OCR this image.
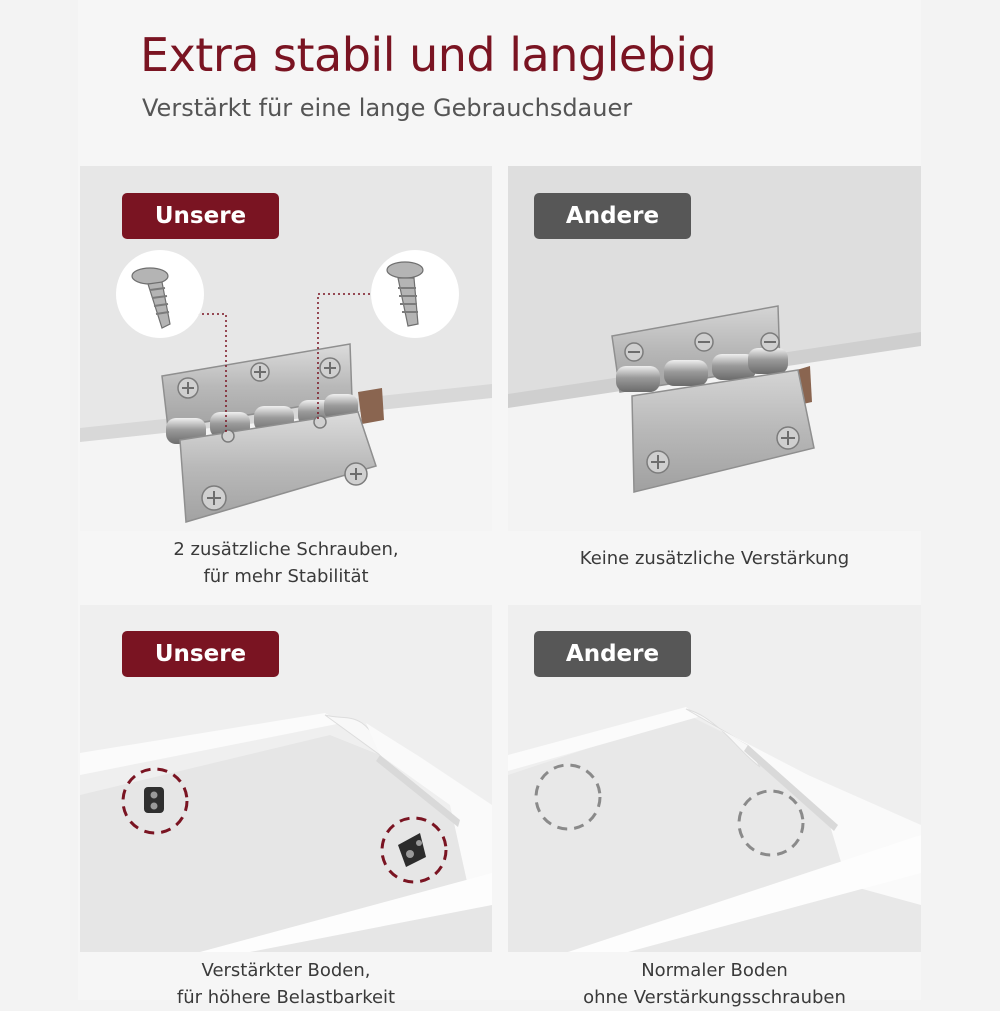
Extra stabil und langlebig

Verstärkt für eine lange Gebrauchsdauer

Unsere	Andere
2 zusätzliche Schrauben,
für mehr Stabilität
Keine zusätzliche Verstärkung
Unsere	Andere
Verstärkter Boden,
für höhere Belastbarkeit
Normaler Boden
ohne Verstärkungsschrauben
